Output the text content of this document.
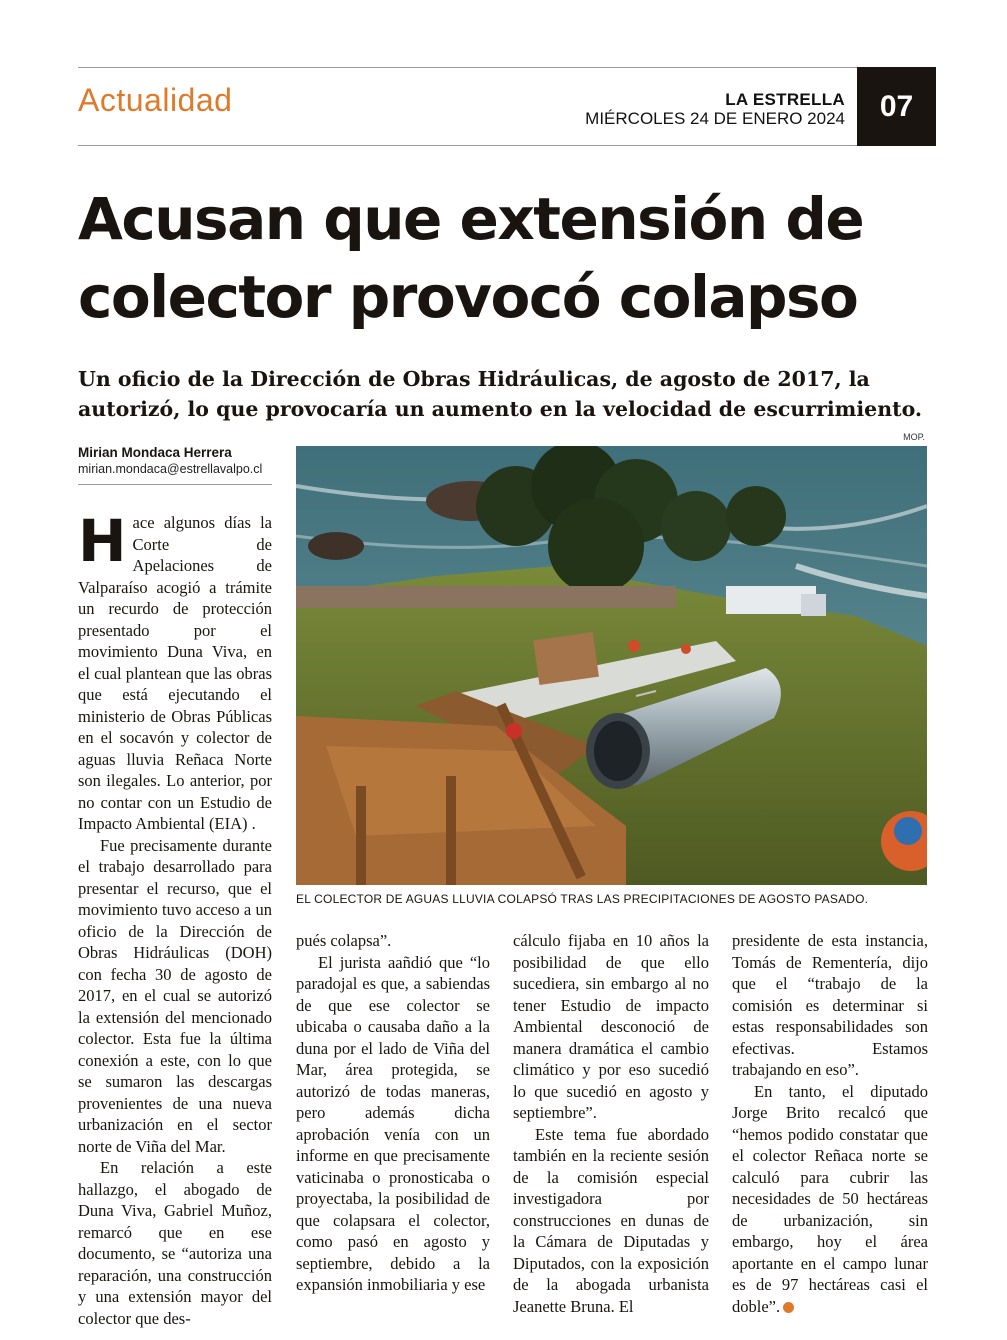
Actualidad	LA ESTRELLA
MIÉRCOLES 24 DE ENERO 2024	07
Acusan que extensión de
colector provocó colapso
Un oficio de la Dirección de Obras Hidráulicas, de agosto de 2017, la autorizó, lo que provocaría un aumento en la velocidad de escurrimiento.
Mirian Mondaca Herrera
mirian.mondaca@estrellavalpo.cl
MOP.
EL COLECTOR DE AGUAS LLUVIA COLAPSÓ TRAS LAS PRECIPITACIONES DE AGOSTO PASADO.

Hace algunos días la Corte de Apelaciones de Valparaíso acogió a trámite un recurdo de protección presentado por el movimiento Duna Viva, en el cual plantean que las obras que está ejecutando el ministerio de Obras Públicas en el socavón y colector de aguas lluvia Reñaca Norte son ilegales. Lo anterior, por no contar con un Estudio de Impacto Ambiental (EIA) .

Fue precisamente durante el trabajo desarrollado para presentar el recurso, que el movimiento tuvo acceso a un oficio de la Dirección de Obras Hidráulicas (DOH) con fecha 30 de agosto de 2017, en el cual se autorizó la extensión del mencionado colector. Esta fue la última conexión a este, con lo que se sumaron las descargas provenientes de una nueva urbanización en el sector norte de Viña del Mar.

En relación a este hallazgo, el abogado de Duna Viva, Gabriel Muñoz, remarcó que en ese documento, se “autoriza una reparación, una construcción y una extensión mayor del colector que des-

pués colapsa”.

El jurista aañdió que “lo paradojal es que, a sabiendas de que ese colector se ubicaba o causaba daño a la duna por el lado de Viña del Mar, área protegida, se autorizó de todas maneras, pero además dicha aprobación venía con un informe en que precisamente vaticinaba o pronosticaba o proyectaba, la posibilidad de que colapsara el colector, como pasó en agosto y septiembre, debido a la expansión inmobiliaria y ese

cálculo fijaba en 10 años la posibilidad de que ello sucediera, sin embargo al no tener Estudio de impacto Ambiental desconoció de manera dramática el cambio climático y por eso sucedió lo que sucedió en agosto y septiembre”.

Este tema fue abordado también en la reciente sesión de la comisión especial investigadora por construcciones en dunas de la Cámara de Diputadas y Diputados, con la exposición de la abogada urbanista Jeanette Bruna. El

presidente de esta instancia, Tomás de Rementería, dijo que el “trabajo de la comisión es determinar si estas responsabilidades son efectivas. Estamos trabajando en eso”.

En tanto, el diputado Jorge Brito recalcó que “hemos podido constatar que el colector Reñaca norte se calculó para cubrir las necesidades de 50 hectáreas de urbanización, sin embargo, hoy el área aportante en el campo lunar es de 97 hectáreas casi el doble”.
